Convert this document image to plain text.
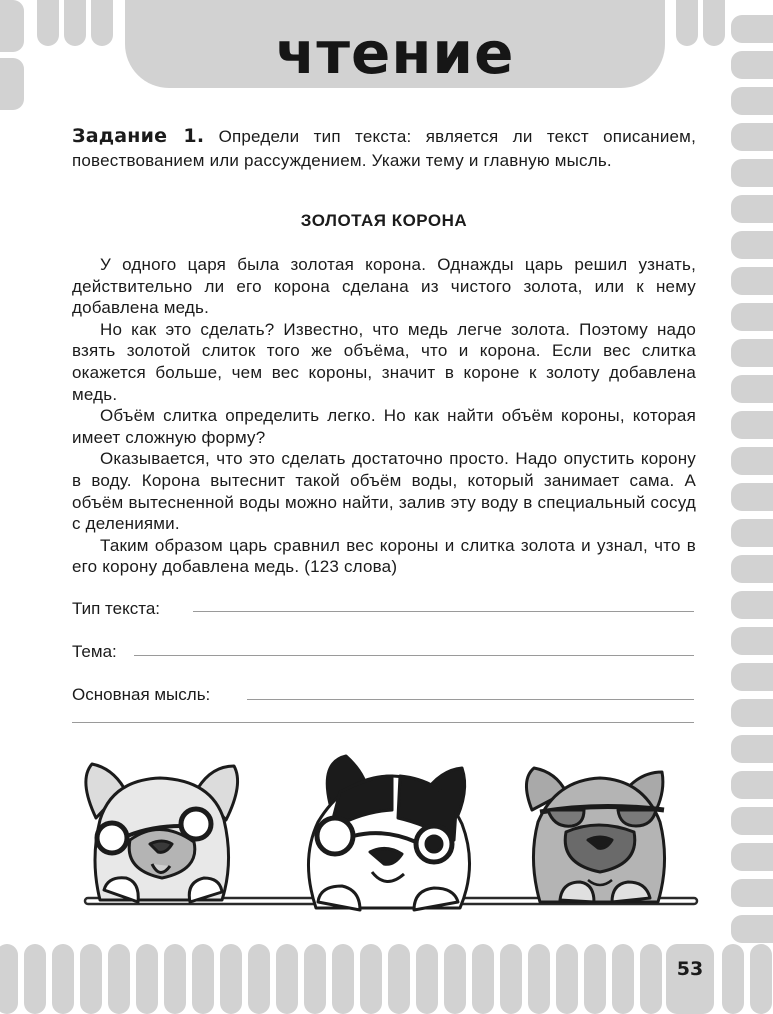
чтение
Задание 1. Определи тип текста: является ли текст описанием, повествованием или рассуждением. Укажи тему и главную мысль.
ЗОЛОТАЯ КОРОНА

У одного царя была золотая корона. Однажды царь решил узнать, действительно ли его корона сделана из чистого золота, или к нему добавлена медь.

Но как это сделать? Известно, что медь легче золота. Поэтому надо взять золотой слиток того же объёма, что и корона. Если вес слитка окажется больше, чем вес короны, значит в короне к золоту добавлена медь.

Объём слитка определить легко. Но как найти объём короны, которая имеет сложную форму?

Оказывается, что это сделать достаточно просто. Надо опустить корону в воду. Корона вытеснит такой объём воды, который занимает сама. А объём вытесненной воды можно найти, залив эту воду в специальный сосуд с делениями.

Таким образом царь сравнил вес короны и слитка золота и узнал, что в его корону добавлена медь. (123 слова)

Тип текста:
Тема:
Основная мысль:
53
